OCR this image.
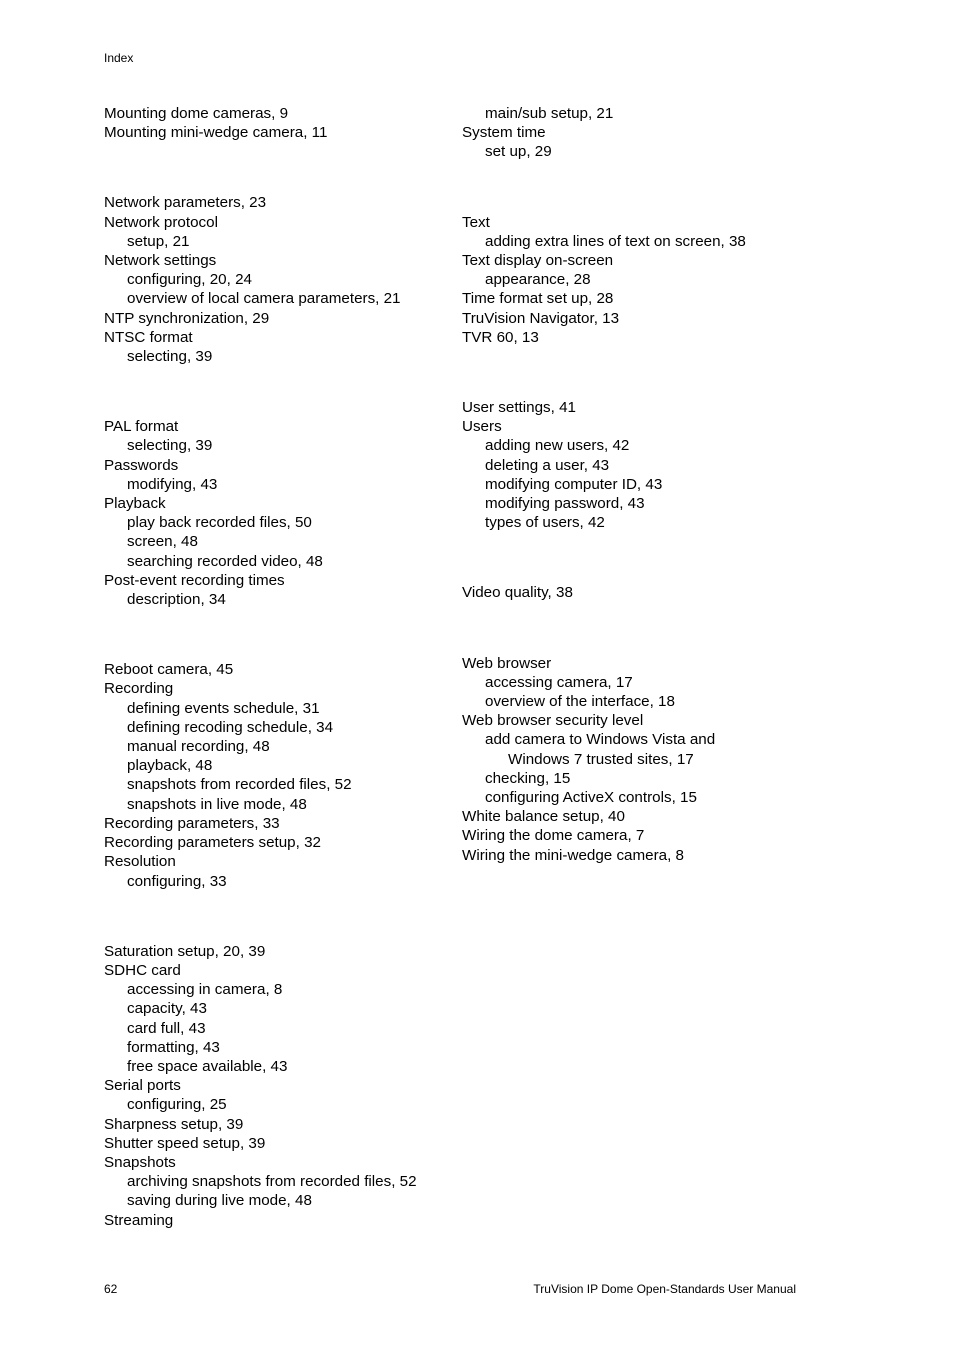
Index
Mounting dome cameras, 9
Mounting mini-wedge camera, 11
Network parameters, 23
Network protocol
setup, 21
Network settings
configuring, 20, 24
overview of local camera parameters, 21
NTP synchronization, 29
NTSC format
selecting, 39
PAL format
selecting, 39
Passwords
modifying, 43
Playback
play back recorded files, 50
screen, 48
searching recorded video, 48
Post-event recording times
description, 34
Reboot camera, 45
Recording
defining events schedule, 31
defining recoding schedule, 34
manual recording, 48
playback, 48
snapshots from recorded files, 52
snapshots in live mode, 48
Recording parameters, 33
Recording parameters setup, 32
Resolution
configuring, 33
Saturation setup, 20, 39
SDHC card
accessing in camera, 8
capacity, 43
card full, 43
formatting, 43
free space available, 43
Serial ports
configuring, 25
Sharpness setup, 39
Shutter speed setup, 39
Snapshots
archiving snapshots from recorded files, 52
saving during live mode, 48
Streaming
main/sub setup, 21
System time
set up, 29
Text
adding extra lines of text on screen, 38
Text display on-screen
appearance, 28
Time format set up, 28
TruVision Navigator, 13
TVR 60, 13
User settings, 41
Users
adding new users, 42
deleting a user, 43
modifying computer ID, 43
modifying password, 43
types of users, 42
Video quality, 38
Web browser
accessing camera, 17
overview of the interface, 18
Web browser security level
add camera to Windows Vista and
Windows 7 trusted sites, 17
checking, 15
configuring ActiveX controls, 15
White balance setup, 40
Wiring the dome camera, 7
Wiring the mini-wedge camera, 8
62	TruVision IP Dome Open-Standards User Manual
